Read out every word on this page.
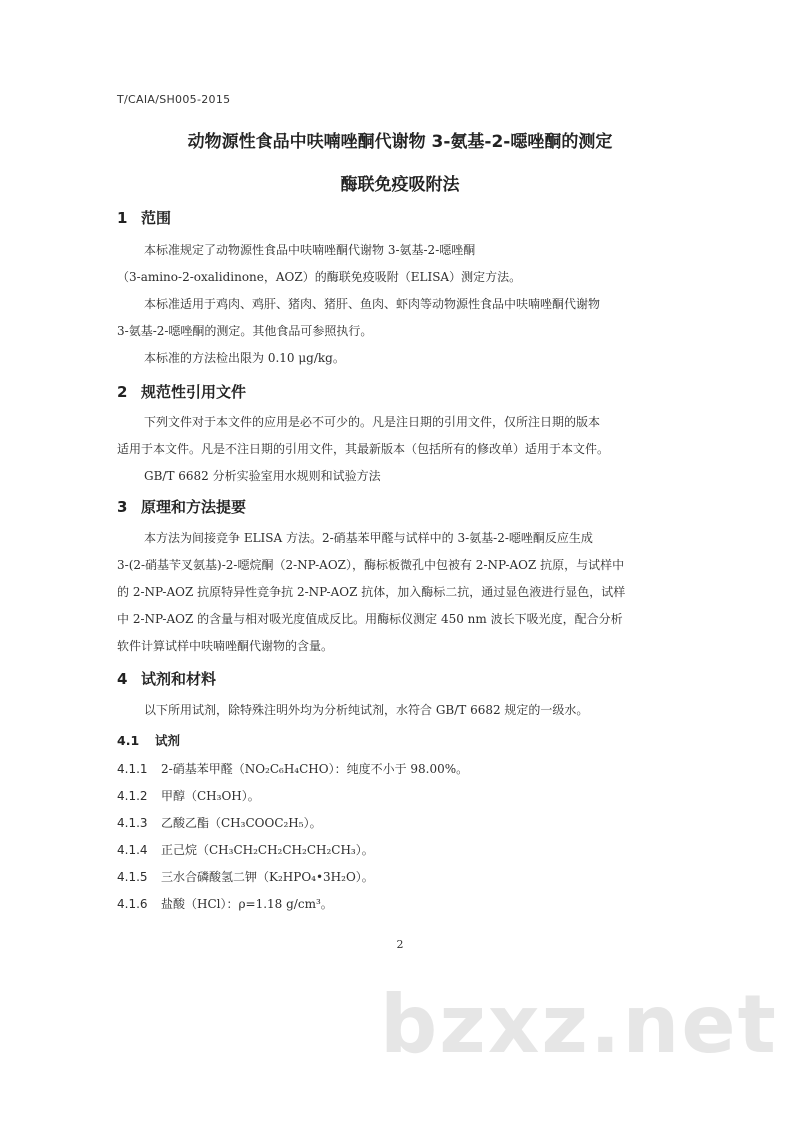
T/CAIA/SH005-2015
动物源性食品中呋喃唑酮代谢物 3-氨基-2-噁唑酮的测定
酶联免疫吸附法
1 范围
本标准规定了动物源性食品中呋喃唑酮代谢物 3-氨基-2-噁唑酮
（3-amino-2-oxalidinone，AOZ）的酶联免疫吸附（ELISA）测定方法。
本标准适用于鸡肉、鸡肝、猪肉、猪肝、鱼肉、虾肉等动物源性食品中呋喃唑酮代谢物
3-氨基-2-噁唑酮的测定。其他食品可参照执行。
本标准的方法检出限为 0.10 μg/kg。
2 规范性引用文件
下列文件对于本文件的应用是必不可少的。凡是注日期的引用文件，仅所注日期的版本
适用于本文件。凡是不注日期的引用文件，其最新版本（包括所有的修改单）适用于本文件。
GB/T 6682 分析实验室用水规则和试验方法
3 原理和方法提要
本方法为间接竞争 ELISA 方法。2-硝基苯甲醛与试样中的 3-氨基-2-噁唑酮反应生成
3-(2-硝基苄叉氨基)-2-噁烷酮（2-NP-AOZ），酶标板微孔中包被有 2-NP-AOZ 抗原，与试样中
的 2-NP-AOZ 抗原特异性竞争抗 2-NP-AOZ 抗体，加入酶标二抗，通过显色液进行显色，试样
中 2-NP-AOZ 的含量与相对吸光度值成反比。用酶标仪测定 450 nm 波长下吸光度，配合分析
软件计算试样中呋喃唑酮代谢物的含量。
4 试剂和材料
以下所用试剂，除特殊注明外均为分析纯试剂，水符合 GB/T 6682 规定的一级水。
4.1 试剂
4.1.1 2-硝基苯甲醛（NO₂C₆H₄CHO）：纯度不小于 98.00%。
4.1.2 甲醇（CH₃OH）。
4.1.3 乙酸乙酯（CH₃COOC₂H₅）。
4.1.4 正己烷（CH₃CH₂CH₂CH₂CH₂CH₃）。
4.1.5 三水合磷酸氢二钾（K₂HPO₄•3H₂O）。
4.1.6 盐酸（HCl）：ρ=1.18 g/cm³。
2
bzxz.net
